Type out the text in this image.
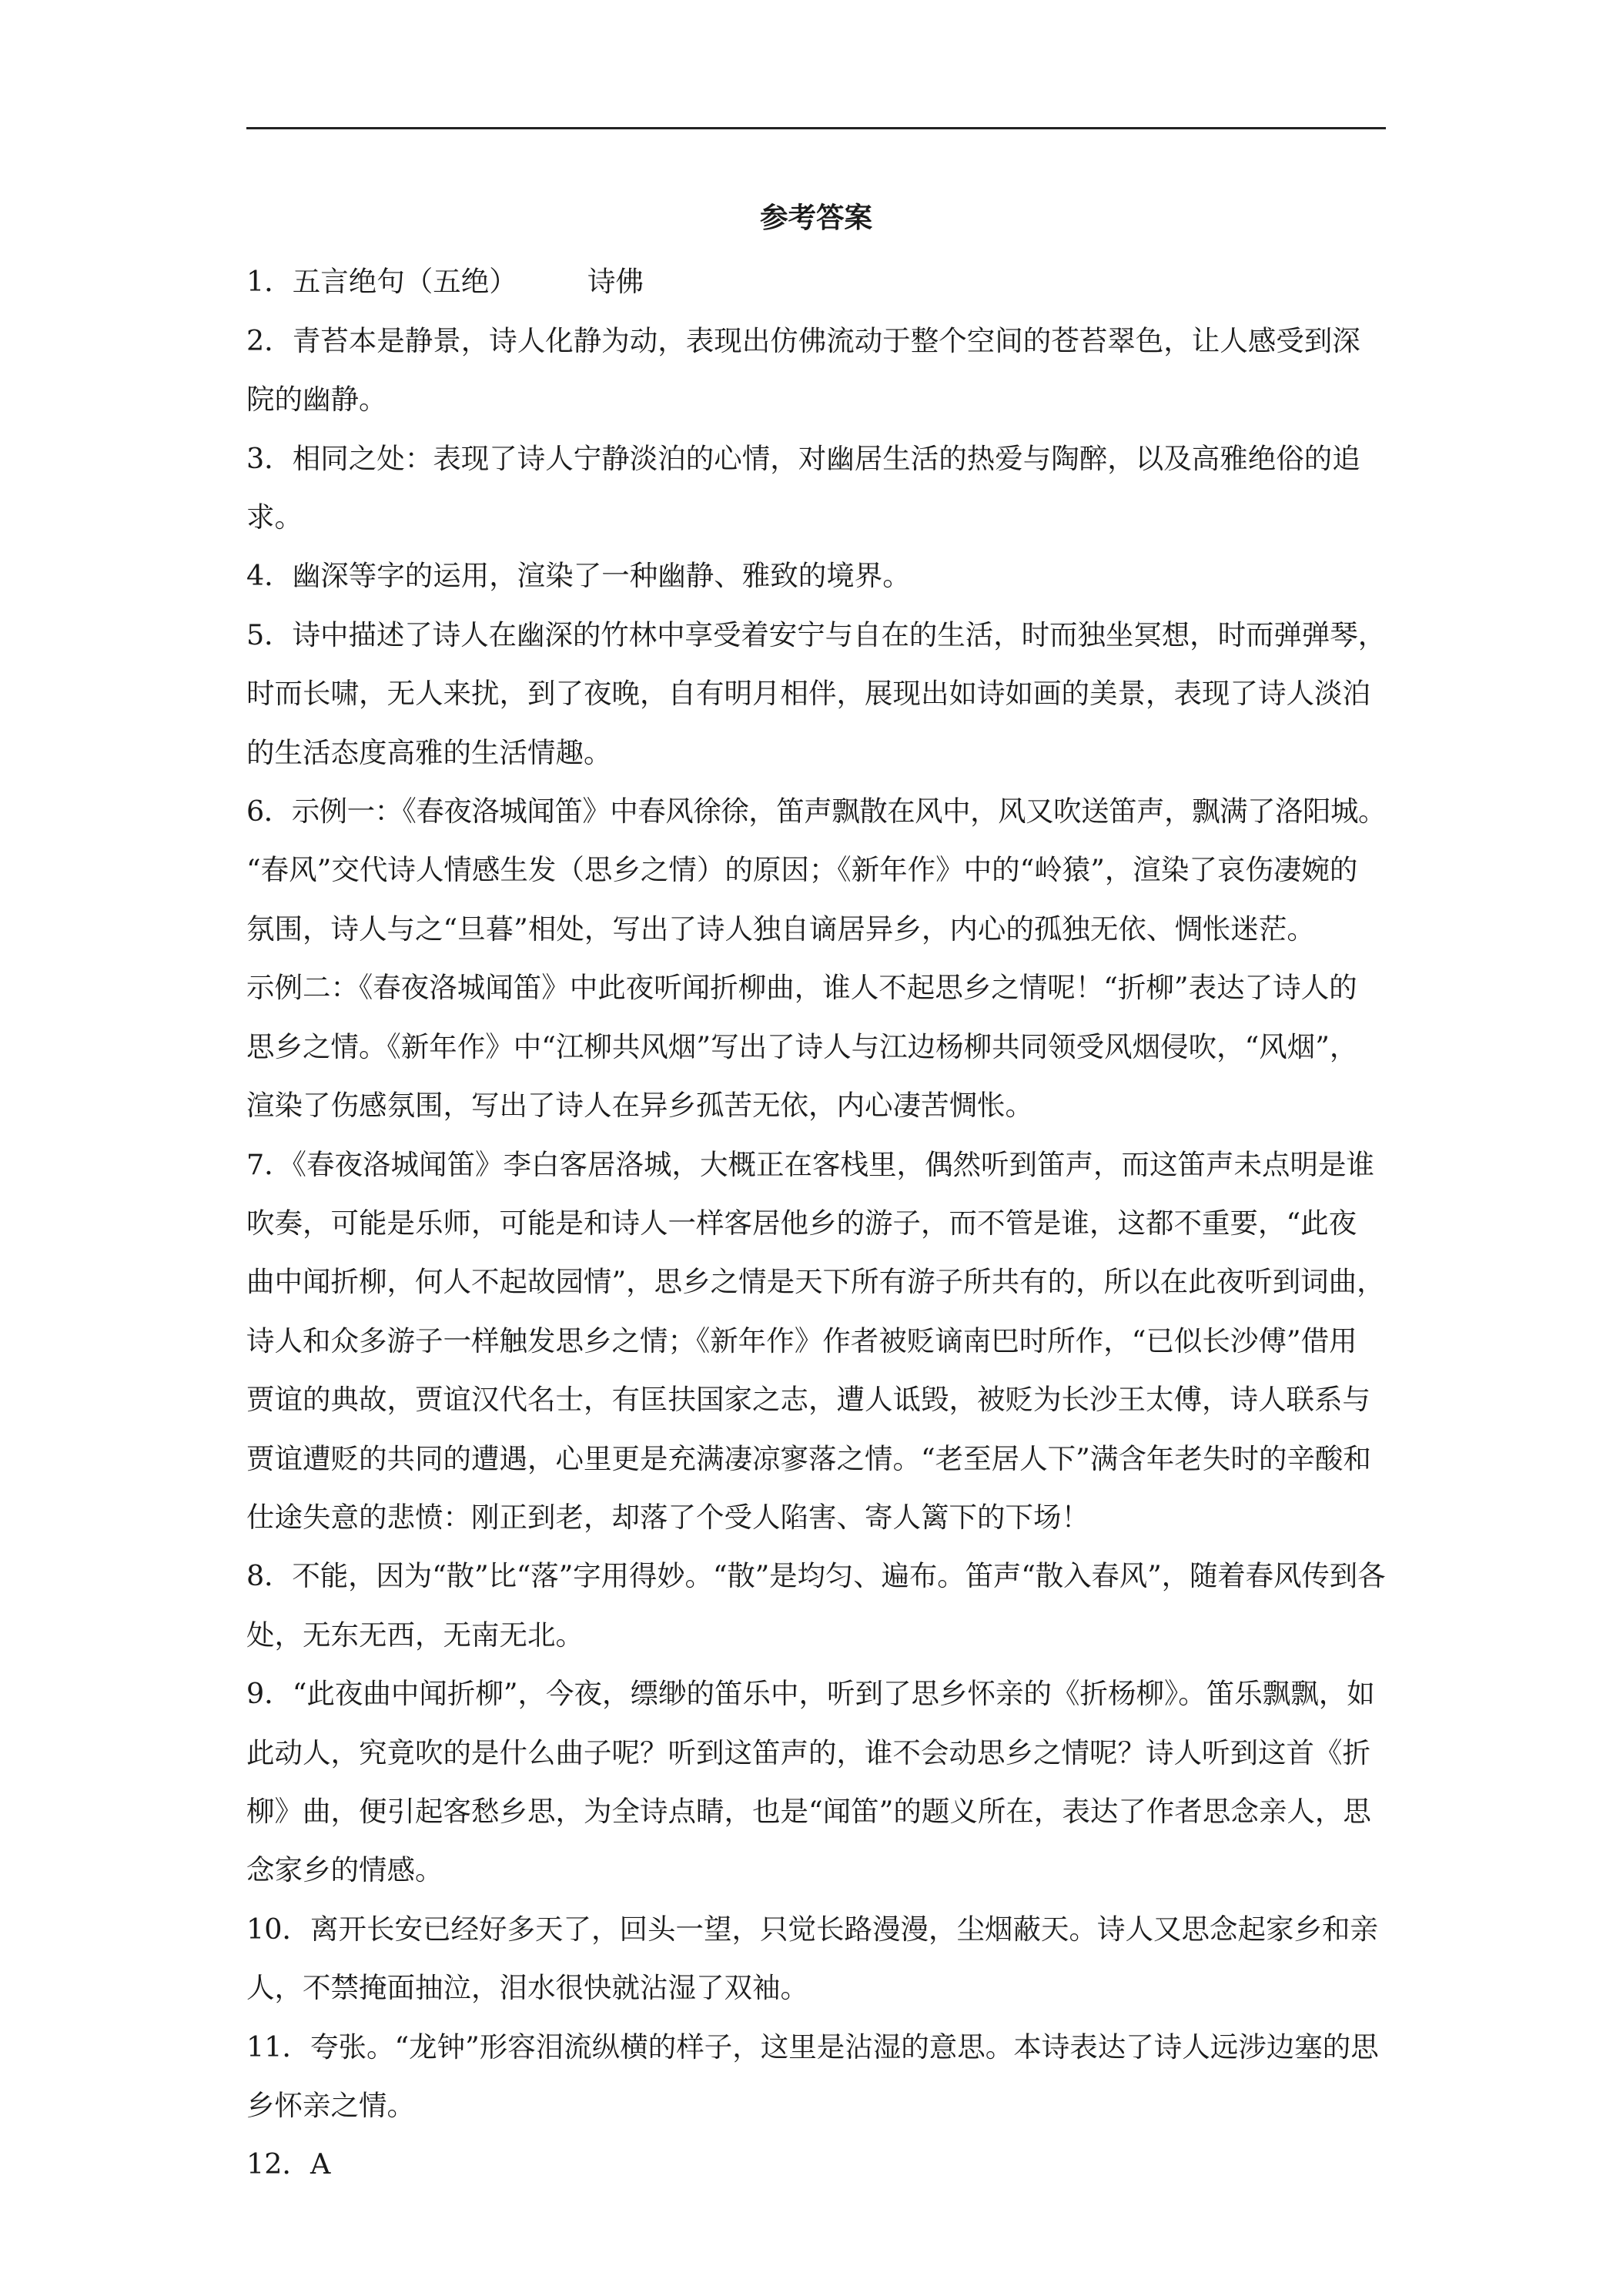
参考答案

1．五言绝句（五绝）　　　诗佛

2．青苔本是静景，诗人化静为动，表现出仿佛流动于整个空间的苍苔翠色，让人感受到深

院的幽静。

3．相同之处：表现了诗人宁静淡泊的心情，对幽居生活的热爱与陶醉，以及高雅绝俗的追

求。

4．幽深等字的运用，渲染了一种幽静、雅致的境界。

5．诗中描述了诗人在幽深的竹林中享受着安宁与自在的生活，时而独坐冥想，时而弹弹琴，

时而长啸，无人来扰，到了夜晚，自有明月相伴，展现出如诗如画的美景，表现了诗人淡泊

的生活态度高雅的生活情趣。

6．示例一：《春夜洛城闻笛》中春风徐徐，笛声飘散在风中，风又吹送笛声，飘满了洛阳城。

“春风”交代诗人情感生发（思乡之情）的原因；《新年作》中的“岭猿”，渲染了哀伤凄婉的

氛围，诗人与之“旦暮”相处，写出了诗人独自谪居异乡，内心的孤独无依、惆怅迷茫。

示例二：《春夜洛城闻笛》中此夜听闻折柳曲，谁人不起思乡之情呢！“折柳”表达了诗人的

思乡之情。《新年作》中“江柳共风烟”写出了诗人与江边杨柳共同领受风烟侵吹，“风烟”，

渲染了伤感氛围，写出了诗人在异乡孤苦无依，内心凄苦惆怅。

7．《春夜洛城闻笛》李白客居洛城，大概正在客栈里，偶然听到笛声，而这笛声未点明是谁

吹奏，可能是乐师，可能是和诗人一样客居他乡的游子，而不管是谁，这都不重要，“此夜

曲中闻折柳，何人不起故园情”，思乡之情是天下所有游子所共有的，所以在此夜听到词曲，

诗人和众多游子一样触发思乡之情；《新年作》作者被贬谪南巴时所作，“已似长沙傅”借用

贾谊的典故，贾谊汉代名士，有匡扶国家之志，遭人诋毁，被贬为长沙王太傅，诗人联系与

贾谊遭贬的共同的遭遇，心里更是充满凄凉寥落之情。“老至居人下”满含年老失时的辛酸和

仕途失意的悲愤：刚正到老，却落了个受人陷害、寄人篱下的下场！

8．不能，因为“散”比“落”字用得妙。“散”是均匀、遍布。笛声“散入春风”，随着春风传到各

处，无东无西，无南无北。

9．“此夜曲中闻折柳”，今夜，缥缈的笛乐中，听到了思乡怀亲的《折杨柳》。笛乐飘飘，如

此动人，究竟吹的是什么曲子呢？听到这笛声的，谁不会动思乡之情呢？诗人听到这首《折

柳》曲，便引起客愁乡思，为全诗点睛，也是“闻笛”的题义所在，表达了作者思念亲人，思

念家乡的情感。

10．离开长安已经好多天了，回头一望，只觉长路漫漫，尘烟蔽天。诗人又思念起家乡和亲

人，不禁掩面抽泣，泪水很快就沾湿了双袖。

11．夸张。“龙钟”形容泪流纵横的样子，这里是沾湿的意思。本诗表达了诗人远涉边塞的思

乡怀亲之情。

12．A
